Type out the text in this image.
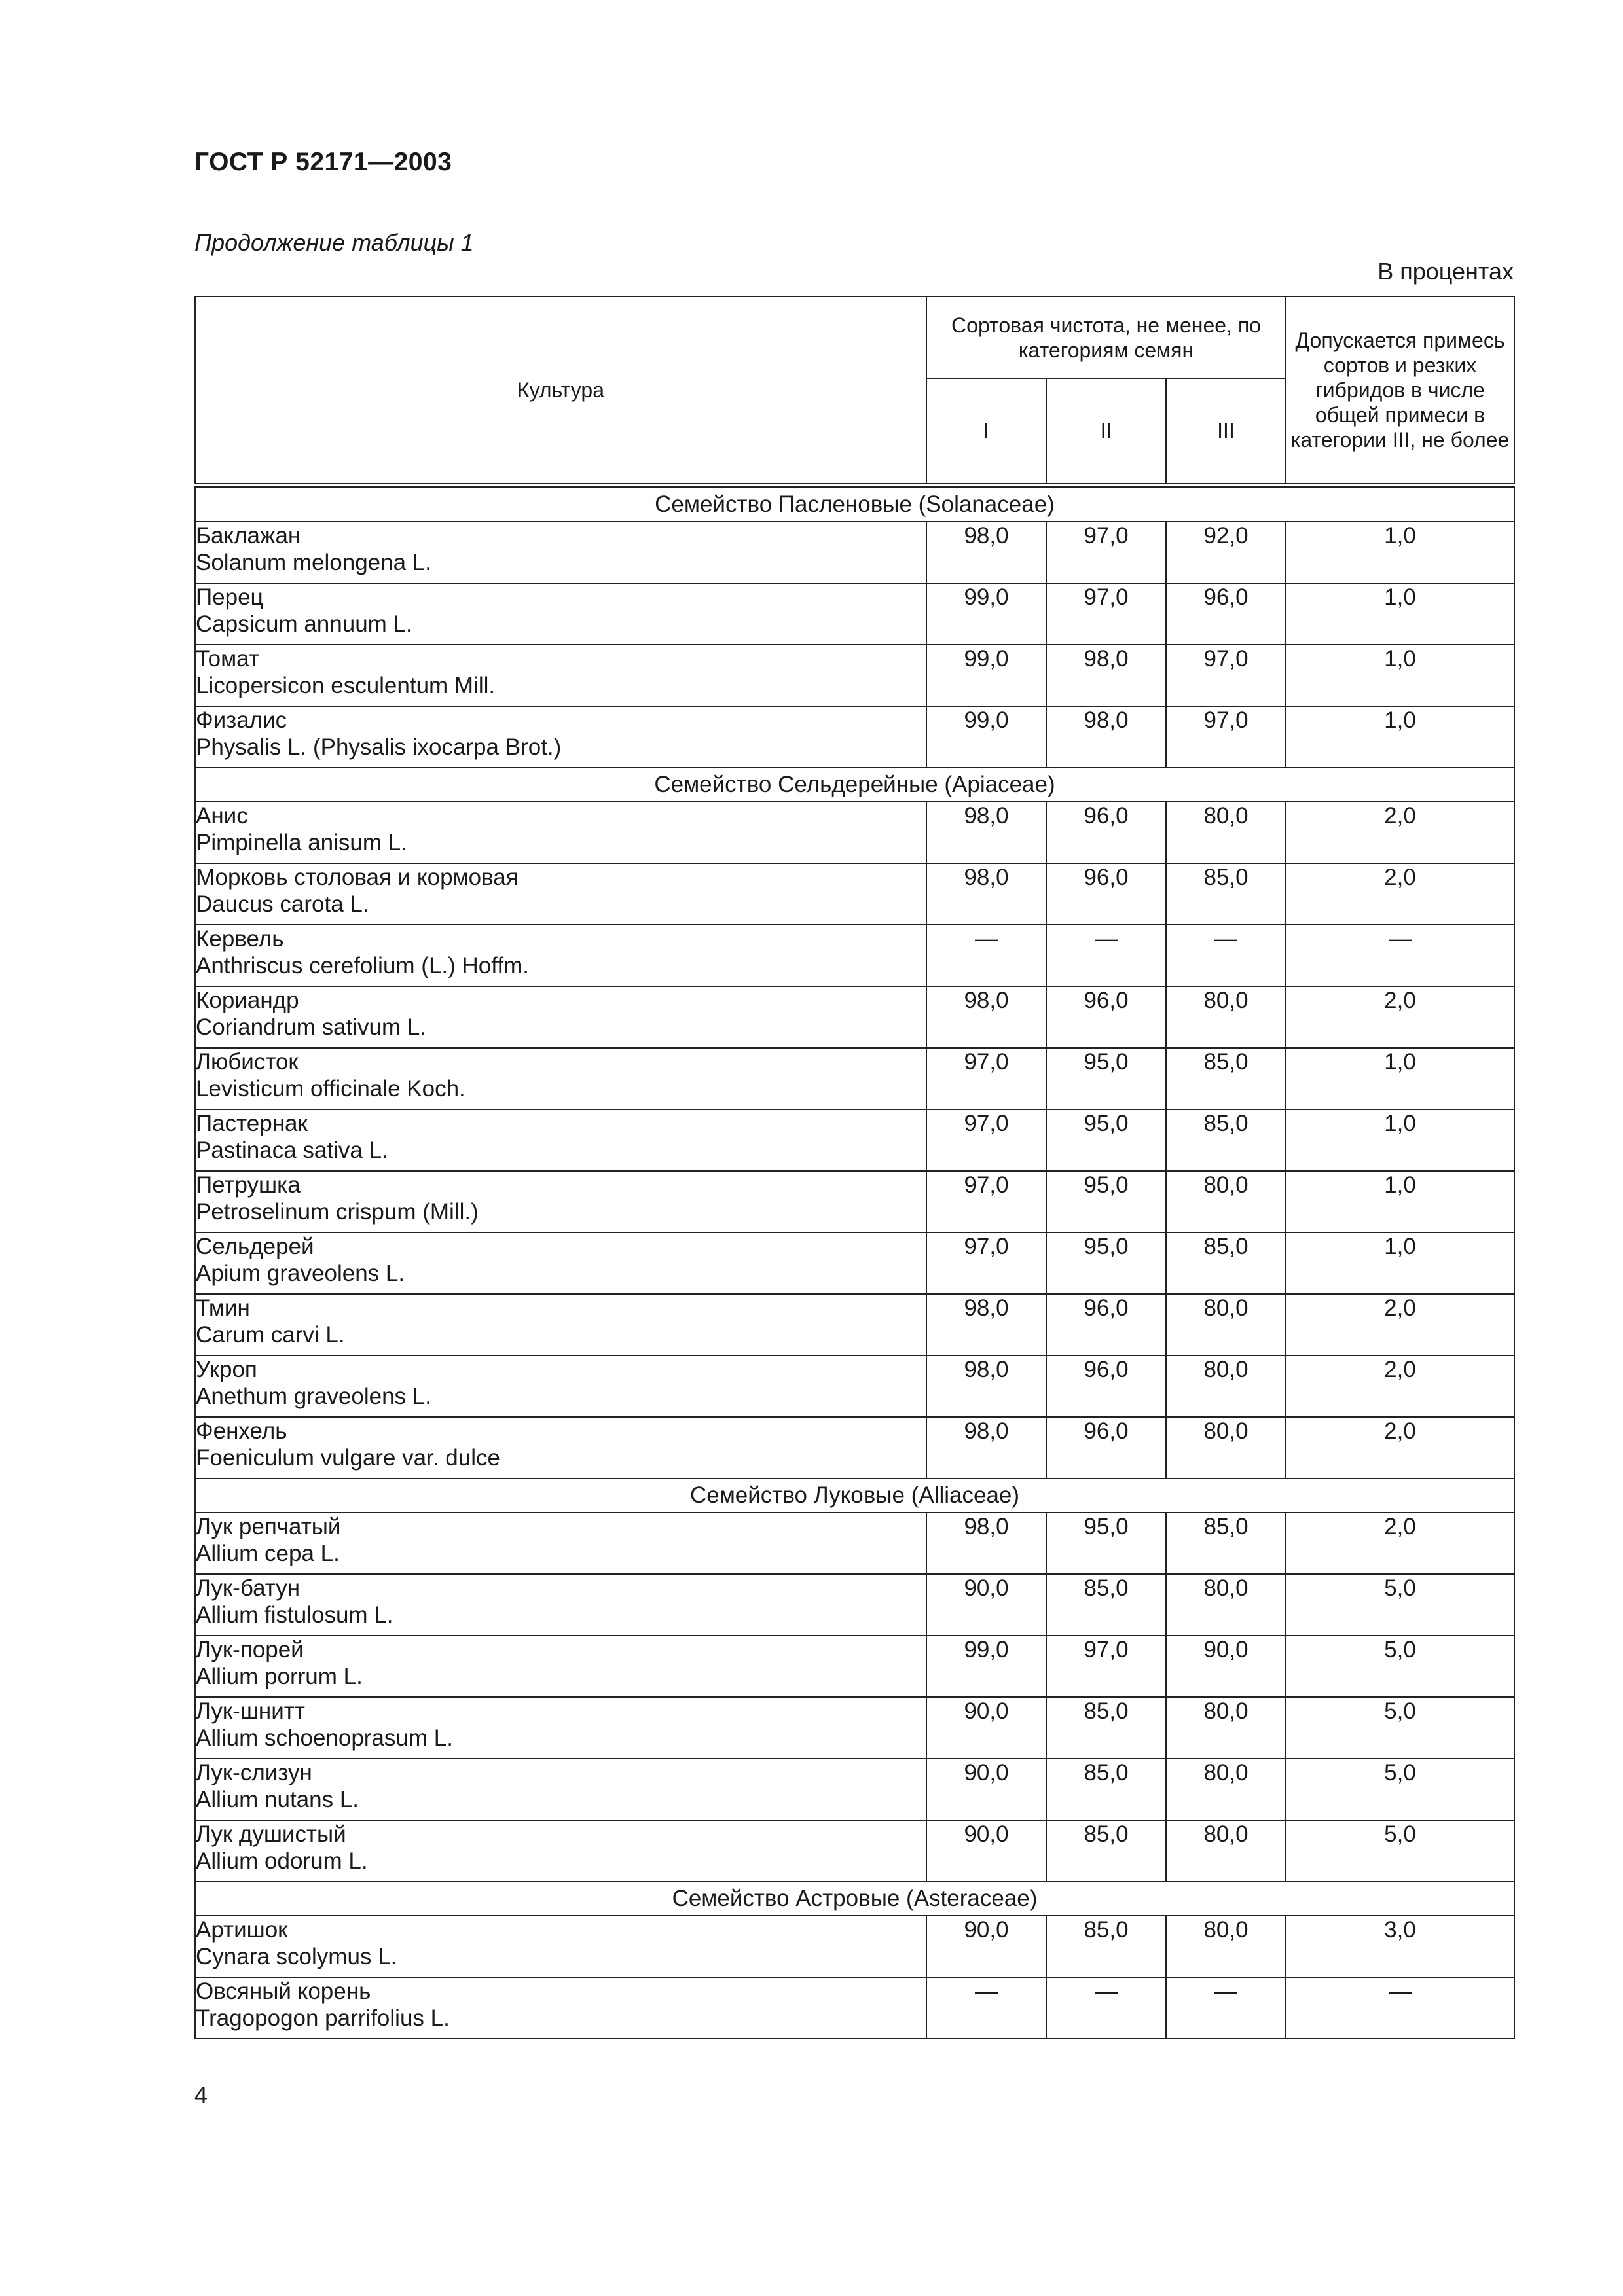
ГОСТ Р 52171—2003
Продолжение таблицы 1
В процентах
Культура	Сортовая чистота, не менее, по категориям семян			Допускается примесь сортов и резких гибридов в числе общей примеси в категории III, не более
	I	II	III	

Семейство Пасленовые (Solanaceae)				

Баклажан
Solanum melongena L.	98,0	97,0	92,0	1,0

Перец
Capsicum annuum L.	99,0	97,0	96,0	1,0

Томат
Licopersicon esculentum Mill.	99,0	98,0	97,0	1,0

Физалис
Physalis L. (Physalis ixocarpa Brot.)	99,0	98,0	97,0	1,0
Семейство Сельдерейные (Apiaceae)				

Анис
Pimpinella anisum L.	98,0	96,0	80,0	2,0

Морковь столовая и кормовая
Daucus carota L.	98,0	96,0	85,0	2,0

Кервель
Anthriscus cerefolium (L.) Hoffm.	—	—	—	—

Кориандр
Coriandrum sativum L.	98,0	96,0	80,0	2,0

Любисток
Levisticum officinale Koch.	97,0	95,0	85,0	1,0

Пастернак
Pastinaca sativa L.	97,0	95,0	85,0	1,0

Петрушка
Petroselinum crispum (Mill.)	97,0	95,0	80,0	1,0

Сельдерей
Apium graveolens L.	97,0	95,0	85,0	1,0

Тмин
Carum carvi L.	98,0	96,0	80,0	2,0

Укроп
Anethum graveolens L.	98,0	96,0	80,0	2,0

Фенхель
Foeniculum vulgare var. dulce	98,0	96,0	80,0	2,0
Семейство Луковые (Alliaceae)				

Лук репчатый
Allium cepa L.	98,0	95,0	85,0	2,0

Лук-батун
Allium fistulosum L.	90,0	85,0	80,0	5,0

Лук-порей
Allium porrum L.	99,0	97,0	90,0	5,0

Лук-шнитт
Allium schoenoprasum L.	90,0	85,0	80,0	5,0

Лук-слизун
Allium nutans L.	90,0	85,0	80,0	5,0

Лук душистый
Allium odorum L.	90,0	85,0	80,0	5,0
Семейство Астровые (Asteraceae)				

Артишок
Cynara scolymus L.	90,0	85,0	80,0	3,0

Овсяный корень
Tragopogon parrifolius L.	—	—	—	—
4
